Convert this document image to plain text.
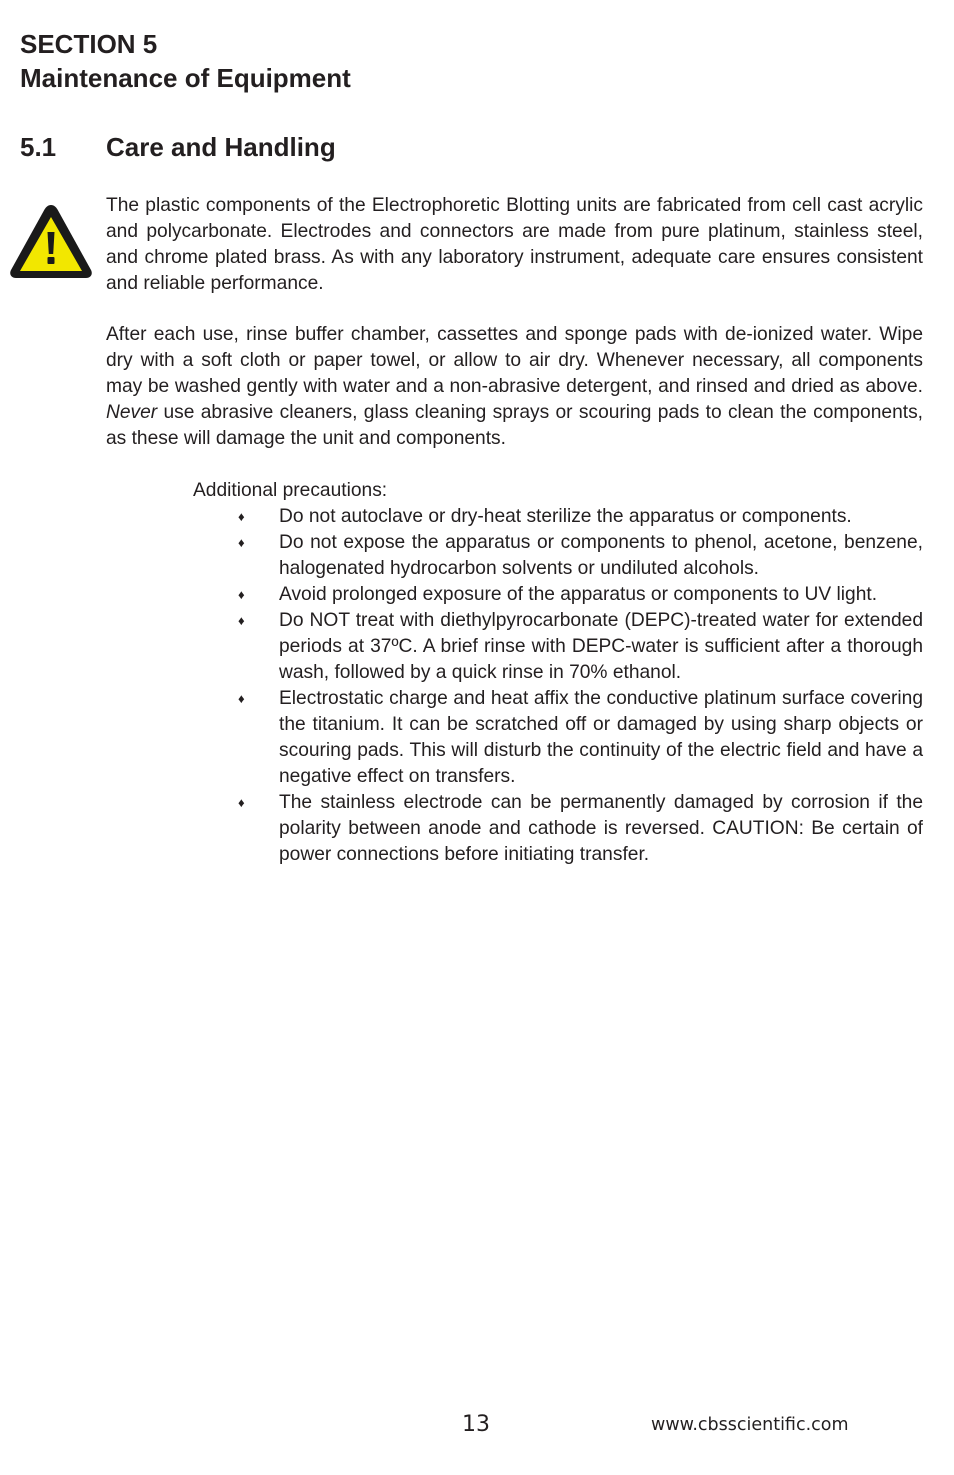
SECTION 5
Maintenance of Equipment
5.1 Care and Handling

The plastic components of the Electrophoretic Blotting units are fabricated from cell cast acrylic and polycarbonate. Electrodes and connectors are made from pure platinum, stainless steel, and chrome plated brass. As with any laboratory instrument, adequate care ensures consistent and reliable performance.

After each use, rinse buffer chamber, cassettes and sponge pads with de-ionized water. Wipe dry with a soft cloth or paper towel, or allow to air dry. Whenever necessary, all components may be washed gently with water and a non-abrasive detergent, and rinsed and dried as above. Never use abrasive cleaners, glass cleaning sprays or scouring pads to clean the components, as these will damage the unit and components.

Additional precautions:

♦ Do not autoclave or dry-heat sterilize the apparatus or components.
♦ Do not expose the apparatus or components to phenol, acetone, benzene, halogenated hydrocarbon solvents or undiluted alcohols.
♦ Avoid prolonged exposure of the apparatus or components to UV light.
♦ Do NOT treat with diethylpyrocarbonate (DEPC)-treated water for extended periods at 37ºC. A brief rinse with DEPC-water is sufficient after a thorough wash, followed by a quick rinse in 70% ethanol.
♦ Electrostatic charge and heat affix the conductive platinum surface covering the titanium. It can be scratched off or damaged by using sharp objects or scouring pads. This will disturb the continuity of the electric field and have a negative effect on transfers.
♦ The stainless electrode can be permanently damaged by corrosion if the polarity between anode and cathode is reversed. CAUTION: Be certain of power connections before initiating transfer.
13	www.cbsscientific.com
